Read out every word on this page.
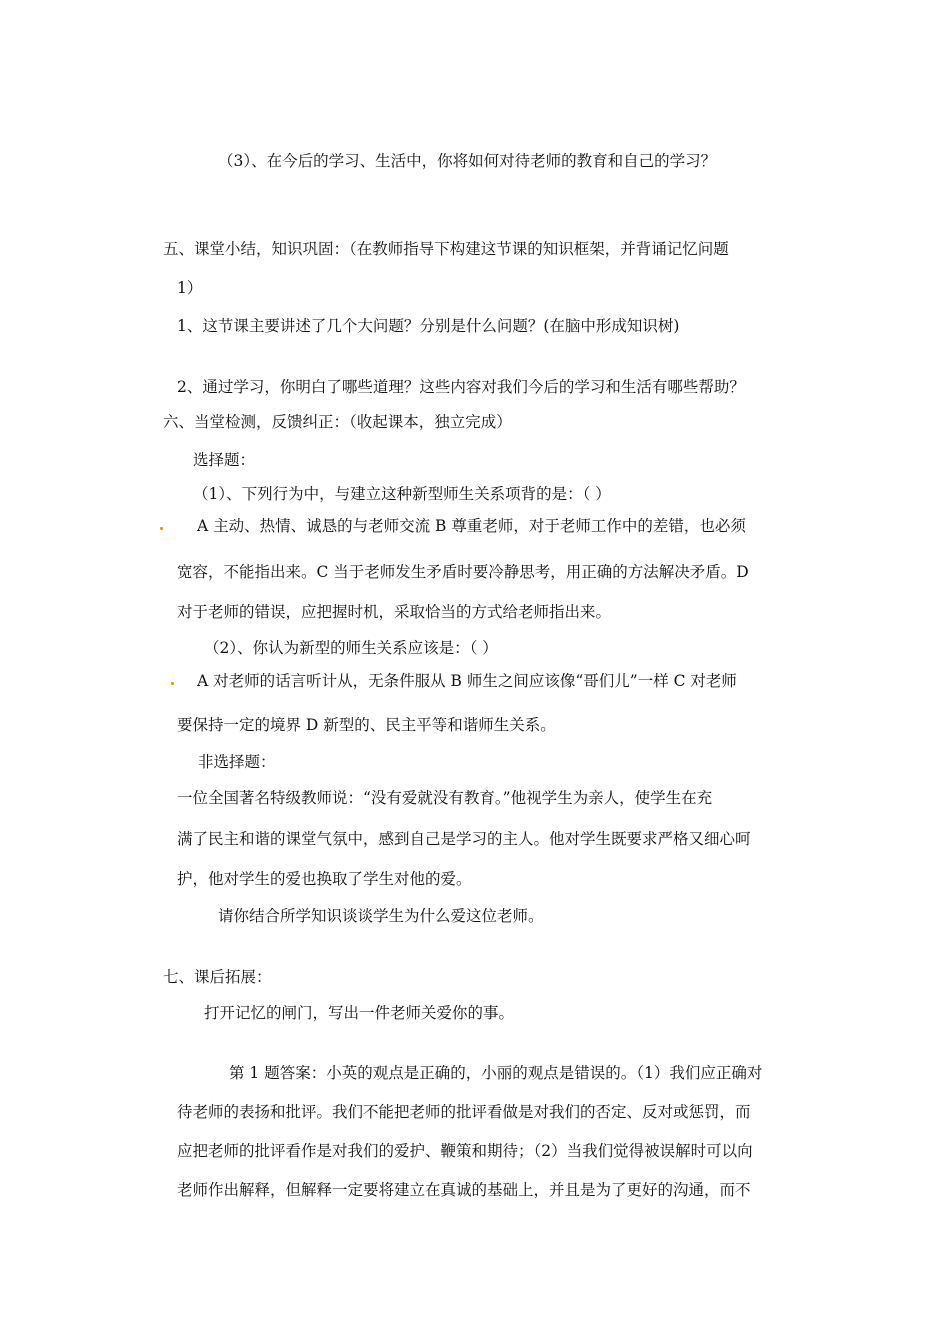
（3）、在今后的学习、生活中，你将如何对待老师的教育和自己的学习？
五、课堂小结，知识巩固：（在教师指导下构建这节课的知识框架，并背诵记忆问题
1）
1、这节课主要讲述了几个大问题？分别是什么问题？(在脑中形成知识树)
2、通过学习，你明白了哪些道理？这些内容对我们今后的学习和生活有哪些帮助？
六、当堂检测，反馈纠正：（收起课本，独立完成）
选择题：
（1）、下列行为中，与建立这种新型师生关系项背的是：（ ）
A 主动、热情、诚恳的与老师交流 B 尊重老师，对于老师工作中的差错，也必须
宽容，不能指出来。C 当于老师发生矛盾时要冷静思考，用正确的方法解决矛盾。D
对于老师的错误，应把握时机，采取恰当的方式给老师指出来。
（2）、你认为新型的师生关系应该是：（ ）
A 对老师的话言听计从，无条件服从 B 师生之间应该像“哥们儿”一样 C 对老师
要保持一定的境界 D 新型的、民主平等和谐师生关系。
非选择题：
一位全国著名特级教师说：“没有爱就没有教育。”他视学生为亲人，使学生在充
满了民主和谐的课堂气氛中，感到自己是学习的主人。他对学生既要求严格又细心呵
护，他对学生的爱也换取了学生对他的爱。
请你结合所学知识谈谈学生为什么爱这位老师。
七、课后拓展：
打开记忆的闸门，写出一件老师关爱你的事。
第 1 题答案：小英的观点是正确的，小丽的观点是错误的。（1）我们应正确对
待老师的表扬和批评。我们不能把老师的批评看做是对我们的否定、反对或惩罚，而
应把老师的批评看作是对我们的爱护、鞭策和期待；（2）当我们觉得被误解时可以向
老师作出解释，但解释一定要将建立在真诚的基础上，并且是为了更好的沟通，而不
